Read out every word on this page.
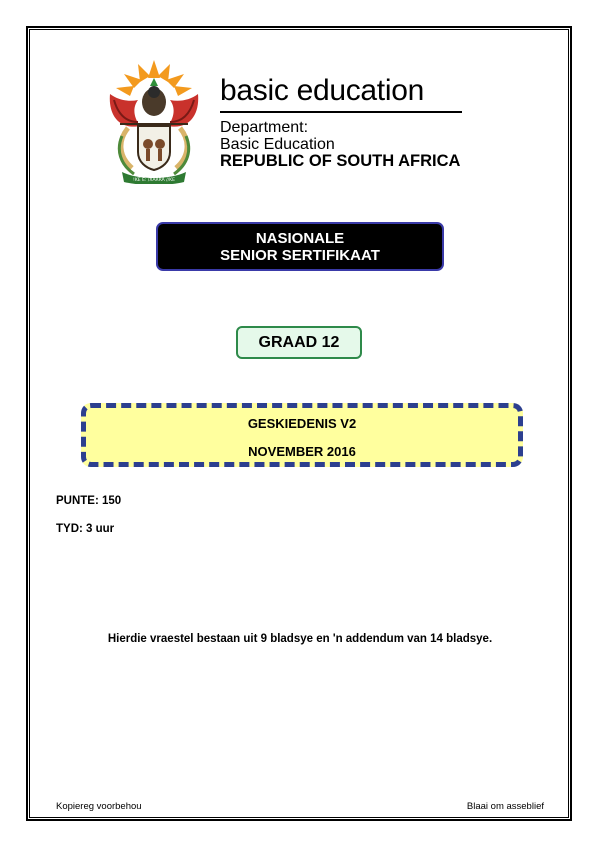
!KE E: /XARRA //KE
basic education
Department:
Basic Education
REPUBLIC OF SOUTH AFRICA
NASIONALE
SENIOR SERTIFIKAAT
GRAAD 12
GESKIEDENIS V2
NOVEMBER 2016
PUNTE: 150
TYD: 3 uur
Hierdie vraestel bestaan uit 9 bladsye en 'n addendum van 14 bladsye.
Kopiereg voorbehou	Blaai om asseblief
